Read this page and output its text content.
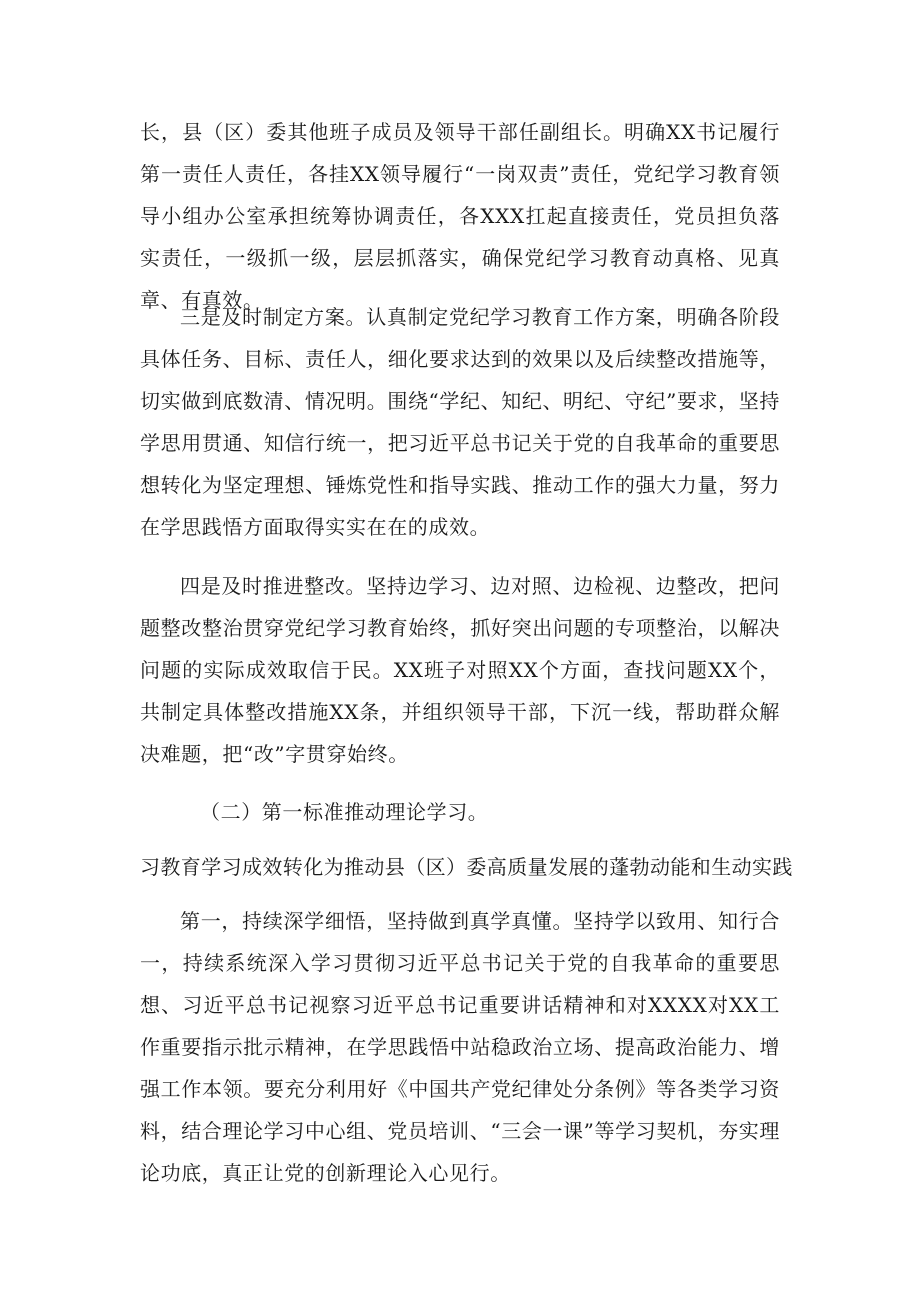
长，县（区）委其他班子成员及领导干部任副组长。明确XX书记履行第一责任人责任，各挂XX领导履行“一岗双责”责任，党纪学习教育领导小组办公室承担统筹协调责任，各XXX扛起直接责任，党员担负落实责任，一级抓一级，层层抓落实，确保党纪学习教育动真格、见真章、有真效。

三是及时制定方案。认真制定党纪学习教育工作方案，明确各阶段具体任务、目标、责任人，细化要求达到的效果以及后续整改措施等，切实做到底数清、情况明。围绕“学纪、知纪、明纪、守纪”要求，坚持学思用贯通、知信行统一，把习近平总书记关于党的自我革命的重要思想转化为坚定理想、锤炼党性和指导实践、推动工作的强大力量，努力在学思践悟方面取得实实在在的成效。

四是及时推进整改。坚持边学习、边对照、边检视、边整改，把问题整改整治贯穿党纪学习教育始终，抓好突出问题的专项整治，以解决问题的实际成效取信于民。XX班子对照XX个方面，查找问题XX个，共制定具体整改措施XX条，并组织领导干部，下沉一线，帮助群众解决难题，把“改”字贯穿始终。

（二）第一标准推动理论学习。

习教育学习成效转化为推动县（区）委高质量发展的蓬勃动能和生动实践

第一，持续深学细悟，坚持做到真学真懂。坚持学以致用、知行合一，持续系统深入学习贯彻习近平总书记关于党的自我革命的重要思想、习近平总书记视察习近平总书记重要讲话精神和对XXXX对XX工作重要指示批示精神，在学思践悟中站稳政治立场、提高政治能力、增强工作本领。要充分利用好《中国共产党纪律处分条例》等各类学习资料，结合理论学习中心组、党员培训、“三会一课”等学习契机，夯实理论功底，真正让党的创新理论入心见行。
